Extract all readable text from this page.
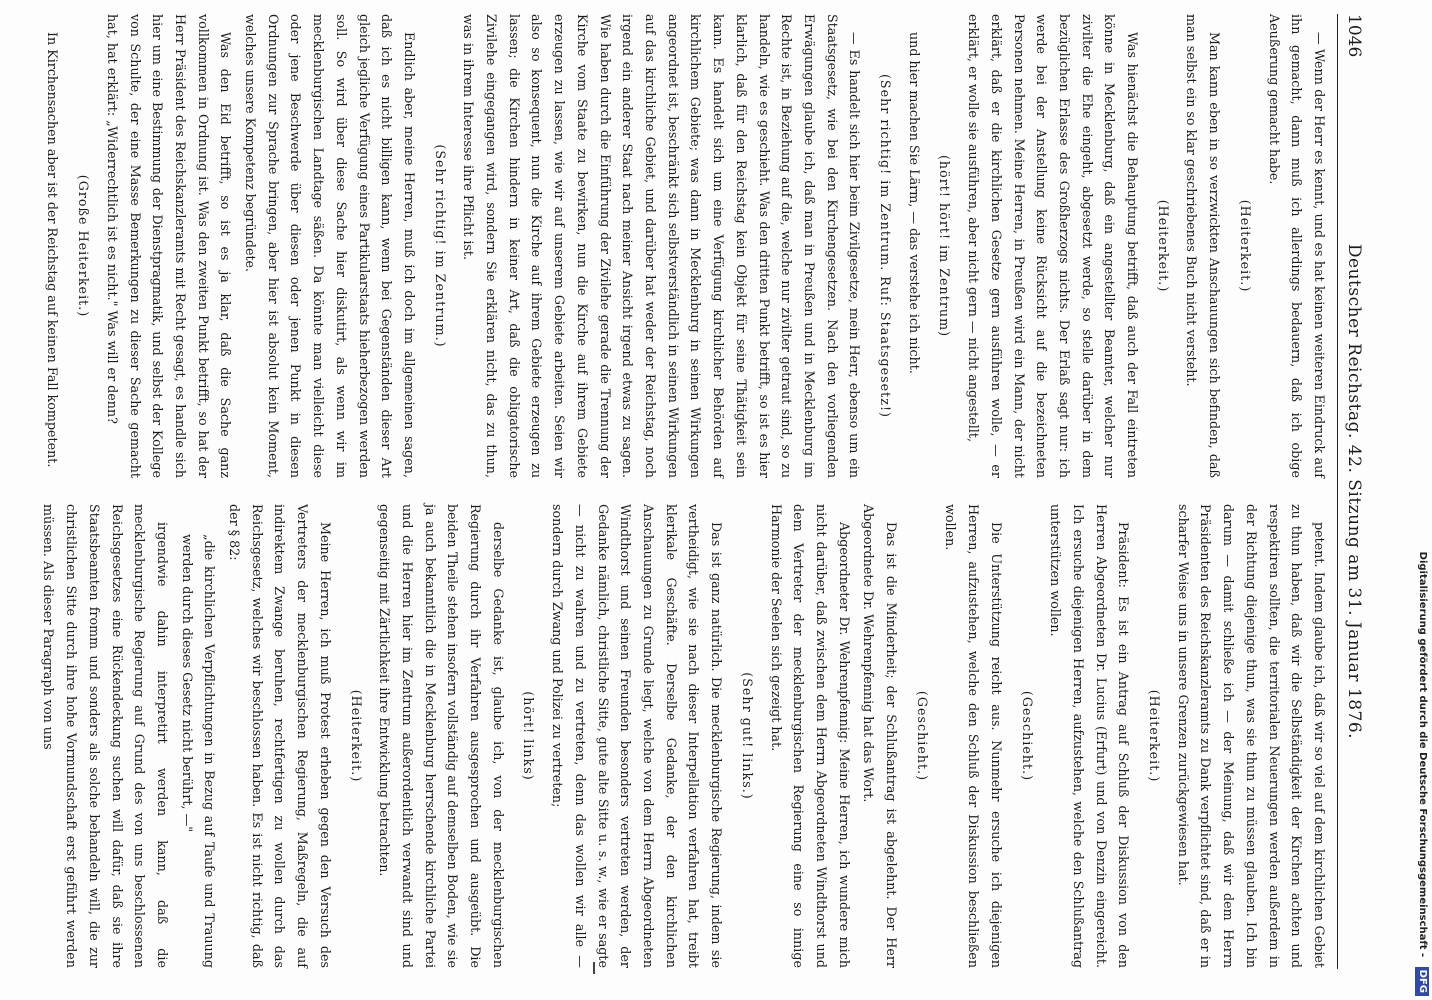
1046
Deutscher Reichstag. 42. Sitzung am 31. Januar 1876.
— Wenn der Herr es kennt, und es hat keinen weiteren Eindruck auf ihn gemacht, dann muß ich allerdings bedauern, daß ich obige Aeußerung gemacht habe.
(Heiterkeit.)
Man kann eben in so verzwickten Anschauungen sich befinden, daß man selbst ein so klar geschriebenes Buch nicht versteht.
(Heiterkeit.)
Was hienächst die Behauptung betrifft, daß auch der Fall eintreten könne in Mecklenburg, daß ein angestellter Beamter, welcher nur zivilter die Ehe eingeht, abgesetzt werde, so stelle darüber in dem bezüglichen Erlasse des Großherzogs nichts. Der Erlaß sagt nur: ich werde bei der Anstellung keine Rücksicht auf die bezeichneten Personen nehmen. Meine Herren, in Preußen wird ein Mann, der nicht erklärt, daß er die kirchlichen Gesetze gern ausführen wolle, — er erklärt, er wolle sie ausführen, aber nicht gern — nicht angestellt,
(hört! hört! im Zentrum)
und hier machen Sie Lärm, — das verstehe ich nicht.
(Sehr richtig! im Zentrum. Ruf: Staatsgesetz!)
— Es handelt sich hier beim Zivilgesetze, mein Herr, ebenso um ein Staatsgesetz, wie bei den Kirchengesetzen. Nach den vorliegenden Erwägungen glaube ich, daß man in Preußen und in Mecklenburg im Rechte ist, in Beziehung auf die, welche nur zivilter getraut sind, so zu handeln, wie es geschieht. Was den dritten Punkt betrifft, so ist es hier klarlich, daß für den Reichstag kein Objekt für seine Thätigkeit sein kann. Es handelt sich um eine Verfügung kirchlicher Behörden auf kirchlichem Gebiete; was dann in Mecklenburg in seinen Wirkungen angeordnet ist, beschränkt sich selbstverständlich in seinen Wirkungen auf das kirchliche Gebiet, und darüber hat weder der Reichstag, noch irgend ein anderer Staat nach meiner Ansicht irgend etwas zu sagen. Wie haben durch die Einführung der Zivilehe gerade die Trennung der Kirche vom Staate zu bewirken, nun die Kirche auf ihrem Gebiete erzeugen zu lassen, wie wir auf unserem Gebiete arbeiten. Seien wir also so konsequent, nun die Kirche auf ihrem Gebiete erzeugen zu lassen; die Kirchen hindern in keiner Art, daß die obligatorische Zivilehe eingegangen wird, sondern Sie erklären nicht, das zu thun, was in ihrem Interesse ihre Pflicht ist.
(Sehr richtig! im Zentrum.)
Endlich aber, meine Herren, muß ich doch im allgemeinen sagen, daß ich es nicht billigen kann, wenn bei Gegenständen dieser Art gleich jegliche Verfügung eines Partikularstaats hieherbezogen werden soll. So wird über diese Sache hier diskutirt, als wenn wir im mecklenburgischen Landtage säßen. Da könnte man vielleicht diese oder jene Beschwerde über diesen oder jenen Punkt in diesen Ordnungen zur Sprache bringen, aber hier ist absolut kein Moment, welches unsere Kompetenz begründete.
Was den Eid betrifft, so ist es ja klar, daß die Sache ganz vollkommen in Ordnung ist. Was den zweiten Punkt betrifft, so hat der Herr Präsident des Reichskanzleramts mit Recht gesagt, es handle sich hier um eine Bestimmung der Dienstpragmatik, und selbst der Kollege von Schulte, der eine Masse Bemerkungen zu dieser Sache gemacht hat, hat erklärt: „Widerrechtlich ist es nicht." Was will er denn?
(Große Heiterkeit.)
In Kirchensachen aber ist der Reichstag auf keinen Fall kompetent.
petent. Indem glaube ich, daß wir so viel auf dem kirchlichen Gebiet zu thun haben, daß wir die Selbständigkeit der Kirchen achten und respektiren sollten, die territorialen Neuerungen werden außerdem in der Richtung diejenige thun, was sie thun zu müssen glauben. Ich bin darum — damit schließe ich — der Meinung, daß wir dem Herrn Präsidenten des Reichskanzleramts zu Dank verpflichtet sind, daß er in scharfer Weise uns in unsere Grenzen zurückgewiesen hat.
(Heiterkeit.)
Präsident: Es ist ein Antrag auf Schluß der Diskussion von den Herren Abgeordneten Dr. Lucius (Erfurt) und von Denzin eingereicht. Ich ersuche diejenigen Herren, aufzustehen, welche den Schlußantrag unterstützen wollen.
(Geschieht.)
Die Unterstützung reicht aus. Nunmehr ersuche ich diejenigen Herren, aufzustehen, welche den Schluß der Diskussion beschließen wollen.
(Geschieht.)
Das ist die Minderheit; der Schlußantrag ist abgelehnt. Der Herr Abgeordnete Dr. Wehrenpfennig hat das Wort.
Abgeordneter Dr. Wehrenpfennig: Meine Herren, ich wundere mich nicht darüber, daß zwischen dem Herrn Abgeordneten Windthorst und dem Vertreter der mecklenburgischen Regierung eine so innige Harmonie der Seelen sich gezeigt hat.
(Sehr gut! links.)
Das ist ganz natürlich. Die mecklenburgische Regierung, indem sie vertheidigt, wie sie nach dieser Interpellation verfahren hat, treibt klerikale Geschäfte. Derselbe Gedanke, der den kirchlichen Anschauungen zu Grunde liegt, welche von dem Herrn Abgeordneten Windthorst und seinen Freunden besonders vertreten werden, der Gedanke nämlich, christliche Sitte, gute alte Sitte u. s. w., wie er sagte — nicht zu wahren und zu vertreten, denn das wollen wir alle — sondern durch Zwang und Polizei zu vertreten;
(hört! links)
derselbe Gedanke ist, glaube ich, von der mecklenburgischen Regierung durch ihr Verfahren ausgesprochen und ausgeübt. Die beiden Theile stehen insofern vollständig auf demselben Boden, wie sie ja auch bekanntlich die in Mecklenburg herrschende kirchliche Partei und die Herren hier im Zentrum außerordentlich verwandt sind und gegenseitig mit Zärtlichkeit ihre Entwicklung betrachten.
(Heiterkeit.)
Meine Herren, ich muß Protest erheben gegen den Versuch des Vertreters der mecklenburgischen Regierung, Maßregeln, die auf indirektem Zwange beruhen, rechtfertigen zu wollen durch das Reichsgesetz, welches wir beschlossen haben. Es ist nicht richtig, daß der § 82:
„die kirchlichen Verpflichtungen in Bezug auf Taufe und Trauung werden durch dieses Gesetz nicht berührt, —"
irgendwie dahin interpretirt werden kann, daß die mecklenburgische Regierung auf Grund des von uns beschlossenen Reichsgesetzes eine Rückendeckung suchen will dafür, daß sie ihre Staatsbeamten fromm und sonders als solche behandeln will, die zur christlichen Sitte durch ihre hohe Vormundschaft erst geführt werden müssen. Als dieser Paragraph von uns	Digitalisierung gefördert durch die Deutsche Forschungsgemeinschaft - DFG
